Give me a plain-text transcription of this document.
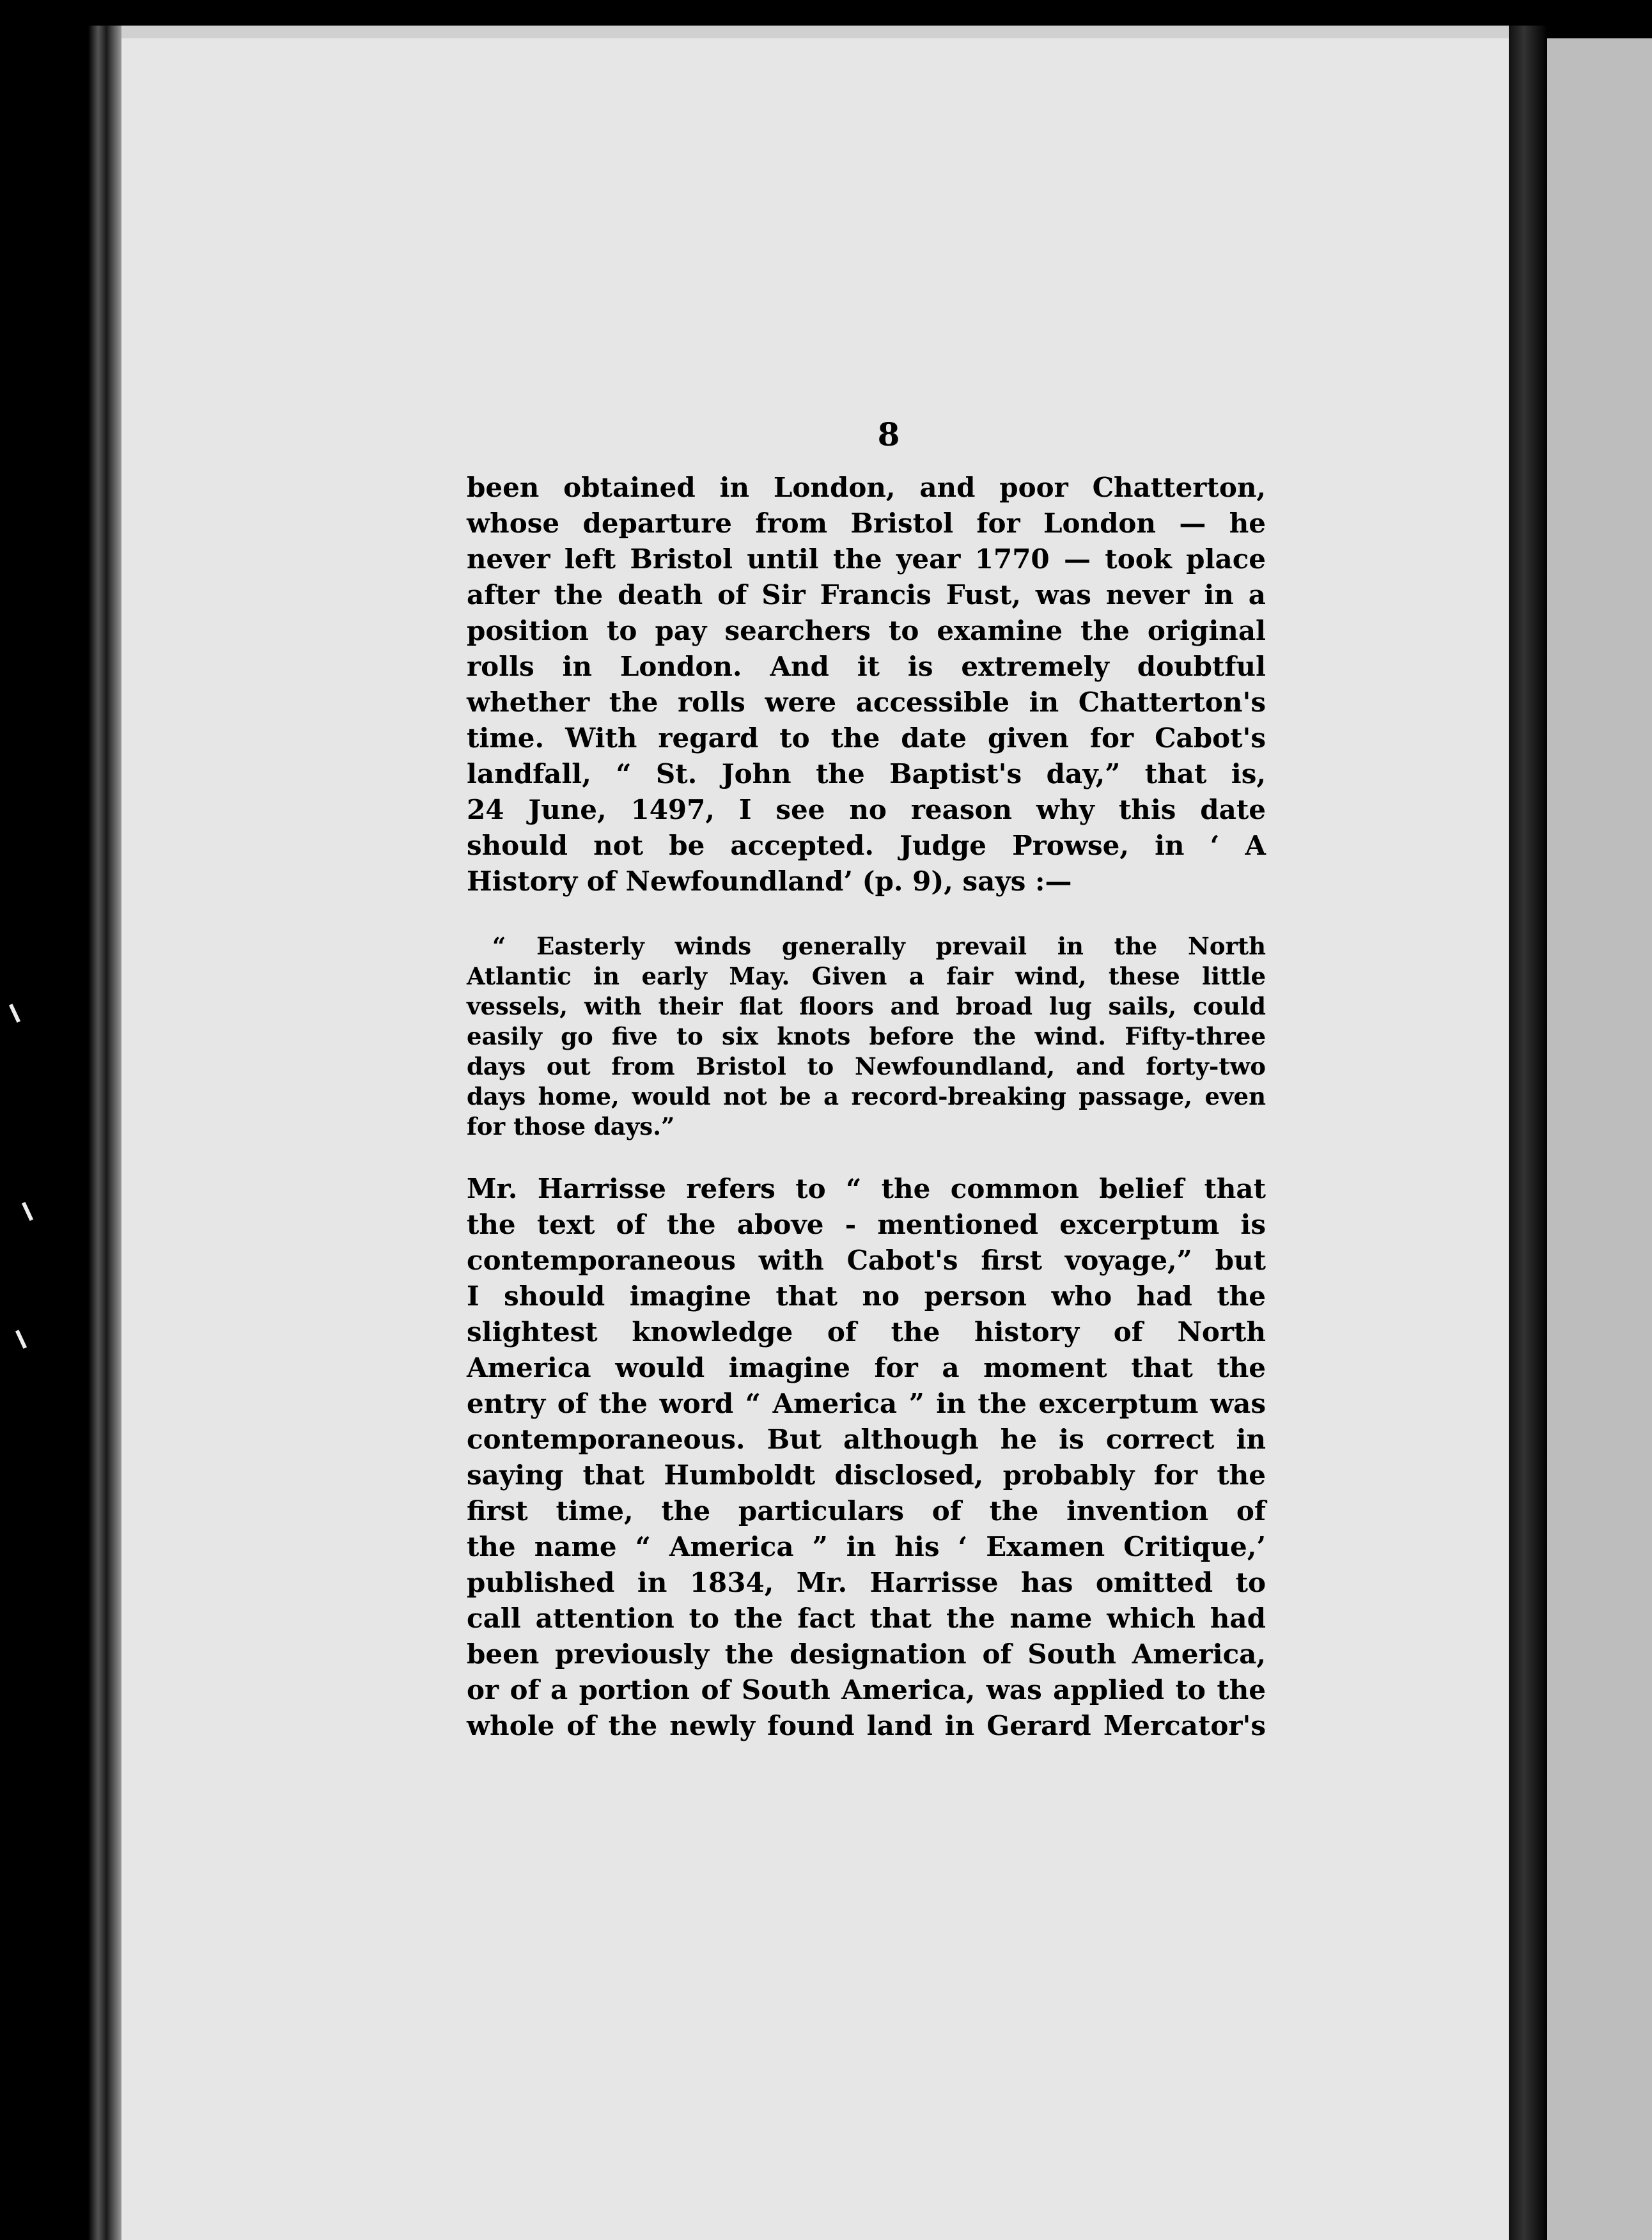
8
been obtained in London, and poor Chatterton,
whose departure from Bristol for London — he
never left Bristol until the year 1770 — took place
after the death of Sir Francis Fust, was never in a
position to pay searchers to examine the original
rolls in London. And it is extremely doubtful
whether the rolls were accessible in Chatterton's
time. With regard to the date given for Cabot's
landfall, “ St. John the Baptist's day,” that is,
24 June, 1497, I see no reason why this date
should not be accepted. Judge Prowse, in ‘ A
History of Newfoundland’ (p. 9), says :—
“ Easterly winds generally prevail in the North
Atlantic in early May. Given a fair wind, these little
vessels, with their flat floors and broad lug sails, could
easily go five to six knots before the wind. Fifty-three
days out from Bristol to Newfoundland, and forty-two
days home, would not be a record-breaking passage, even
for those days.”
Mr. Harrisse refers to “ the common belief that
the text of the above - mentioned excerptum is
contemporaneous with Cabot's first voyage,” but
I should imagine that no person who had the
slightest knowledge of the history of North
America would imagine for a moment that the
entry of the word “ America ” in the excerptum was
contemporaneous. But although he is correct in
saying that Humboldt disclosed, probably for the
first time, the particulars of the invention of
the name “ America ” in his ‘ Examen Critique,’
published in 1834, Mr. Harrisse has omitted to
call attention to the fact that the name which had
been previously the designation of South America,
or of a portion of South America, was applied to the
whole of the newly found land in Gerard Mercator's
